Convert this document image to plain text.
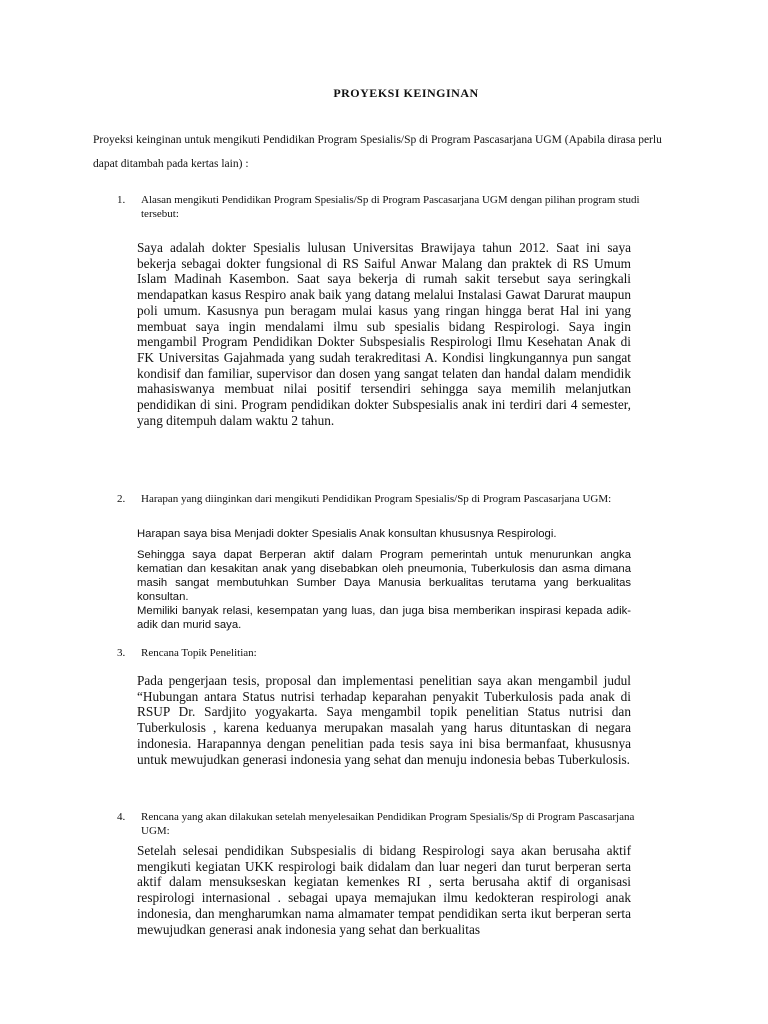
PROYEKSI KEINGINAN
Proyeksi keinginan untuk mengikuti Pendidikan Program Spesialis/Sp di Program Pascasarjana UGM (Apabila dirasa perlu dapat ditambah pada kertas lain) :
1. Alasan mengikuti Pendidikan Program Spesialis/Sp di Program Pascasarjana UGM dengan pilihan program studi tersebut:
Saya adalah dokter Spesialis lulusan Universitas Brawijaya tahun 2012. Saat ini saya bekerja sebagai dokter fungsional di RS Saiful Anwar Malang dan praktek di RS Umum Islam Madinah Kasembon. Saat saya bekerja di rumah sakit tersebut saya seringkali mendapatkan kasus Respiro anak baik yang datang melalui Instalasi Gawat Darurat maupun poli umum. Kasusnya pun beragam mulai kasus yang ringan hingga berat Hal ini yang membuat saya ingin mendalami ilmu sub spesialis bidang Respirologi. Saya ingin mengambil Program Pendidikan Dokter Subspesialis Respirologi Ilmu Kesehatan Anak di FK Universitas Gajahmada yang sudah terakreditasi A. Kondisi lingkungannya pun sangat kondisif dan familiar, supervisor dan dosen yang sangat telaten dan handal dalam mendidik mahasiswanya membuat nilai positif tersendiri sehingga saya memilih melanjutkan pendidikan di sini. Program pendidikan dokter Subspesialis anak ini terdiri dari 4 semester, yang ditempuh dalam waktu 2 tahun.
2. Harapan yang diinginkan dari mengikuti Pendidikan Program Spesialis/Sp di Program Pascasarjana UGM:

Harapan saya bisa Menjadi dokter Spesialis Anak konsultan khususnya Respirologi.

Sehingga saya dapat Berperan aktif dalam Program pemerintah untuk menurunkan angka kematian dan kesakitan anak yang disebabkan oleh pneumonia, Tuberkulosis dan asma dimana masih sangat membutuhkan Sumber Daya Manusia berkualitas terutama yang berkualitas konsultan.

Memiliki banyak relasi, kesempatan yang luas, dan juga bisa memberikan inspirasi kepada adik- adik dan murid saya.

3. Rencana Topik Penelitian:
Pada pengerjaan tesis, proposal dan implementasi penelitian saya akan mengambil judul “Hubungan antara Status nutrisi terhadap keparahan penyakit Tuberkulosis pada anak di RSUP Dr. Sardjito yogyakarta. Saya mengambil topik penelitian Status nutrisi dan Tuberkulosis , karena keduanya merupakan masalah yang harus dituntaskan di negara indonesia. Harapannya dengan penelitian pada tesis saya ini bisa bermanfaat, khususnya untuk mewujudkan generasi indonesia yang sehat dan menuju indonesia bebas Tuberkulosis.
4. Rencana yang akan dilakukan setelah menyelesaikan Pendidikan Program Spesialis/Sp di Program Pascasarjana UGM:
Setelah selesai pendidikan Subspesialis di bidang Respirologi saya akan berusaha aktif mengikuti kegiatan UKK respirologi baik didalam dan luar negeri dan turut berperan serta aktif dalam mensukseskan kegiatan kemenkes RI , serta berusaha aktif di organisasi respirologi internasional . sebagai upaya memajukan ilmu kedokteran respirologi anak indonesia, dan mengharumkan nama almamater tempat pendidikan serta ikut berperan serta mewujudkan generasi anak indonesia yang sehat dan berkualitas
